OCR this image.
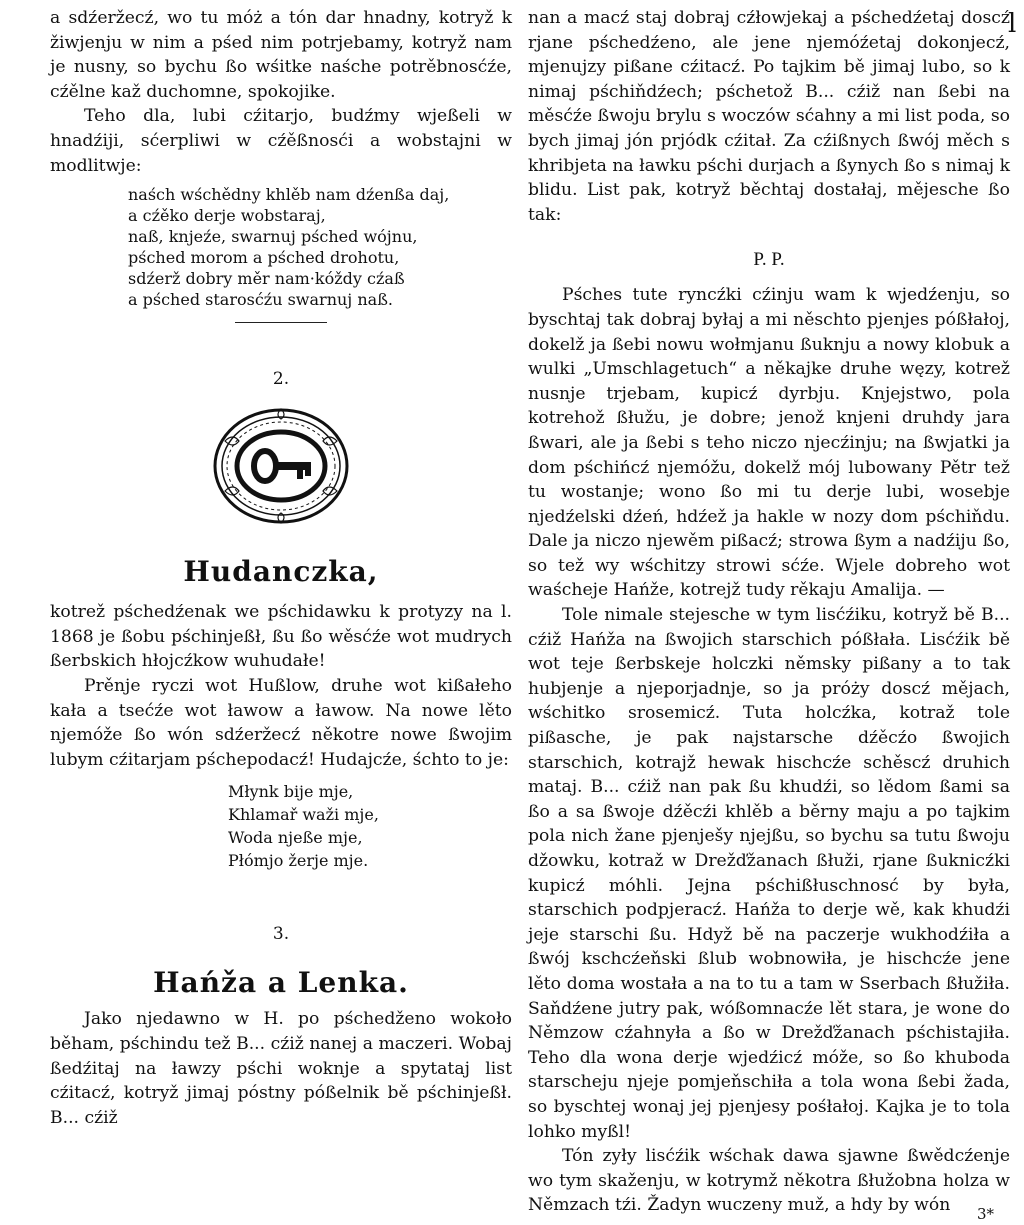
a sdźeržecź, wo tu móż a tón dar hnadny, kotryž k žiwjenju w nim a pśed nim potrjebamy, kotryž nam je nusny, so bychu ßo wśitke naśche potrěbnosćźe, cźělne kaž duchomne, spokojike.

Teho dla, lubi cźitarjo, budźmy wjeßeli w hnadźiji, sćerpliwi w cźěßnosći a wobstajni w modlitwje:

naśch wśchědny khlěb nam dźenßa daj,
a cźěko derje wobstaraj,
naß, knjeźe, swarnuj pśched wójnu,
pśched morom a pśched drohotu,
sdźerž dobry měr nam·kóždy cźaß
a pśched starosćźu swarnuj naß.
2.
Hudanczka,

kotrež pśchedźenak we pśchidawku k protyzy na l. 1868 je ßobu pśchinjeßł, ßu ßo wěsćźe wot mudrych ßerbskich hłojcźkow wuhudałe!

Prěnje ryczi wot Hußlow, druhe wot kißałeho kała a tsećźe wot ławow a ławow. Na nowe lěto njemóže ßo wón sdźeržecź někotre nowe ßwojim lubym cźitarjam pśchepodacź! Hudajcźe, śchto to je:

Młynk bije mje,
Khlamař waži mje,
Woda njeße mje,
Płómjo žerje mje.
3.
Hańža a Lenka.

Jako njedawno w H. po pśchedženo wokoło běham, pśchindu tež B... cźiž nanej a maczeri. Wobaj ßedźitaj na ławzy pśchi woknje a spytataj list cźitacź, kotryž jimaj póstny póßelnik bě pśchinjeßł. B... cźiž

nan a macź staj dobraj cźłowjekaj a pśchedźetaj doscź rjane pśchedźeno, ale jene njemóźetaj dokonjecź, mjenujzy pißane cźitacź. Po tajkim bě jimaj lubo, so k nimaj pśchiňdźech; pśchetož B... cźiž nan ßebi na měsćźe ßwoju brylu s woczów sćahny a mi list poda, so bych jimaj jón prjódk cźitał. Za cźißnych ßwój měch s khribjeta na ławku pśchi durjach a ßynych ßo s nimaj k blidu. List pak, kotryž běchtaj dostałaj, mějesche ßo tak:

P. P.

Pśches tute ryncźki cźinju wam k wjedźenju, so byschtaj tak dobraj byłaj a mi něschto pjenjes póßłałoj, dokelž ja ßebi nowu wołmjanu ßuknju a nowy klobuk a wulki „Umschlagetuch“ a někajke druhe węzy, kotrež nusnje trjebam, kupicź dyrbju. Knjejstwo, pola kotrehož ßłužu, je dobre; jenož knjeni druhdy jara ßwari, ale ja ßebi s teho niczo njecźinju; na ßwjatki ja dom pśchińcź njemóžu, dokelž mój lubowany Pětr tež tu wostanje; wono ßo mi tu derje lubi, wosebje njedźelski dźeń, hdźež ja hakle w nozy dom pśchiňdu. Dale ja niczo njewěm pißacź; strowa ßym a nadźiju ßo, so tež wy wśchitzy strowi sćźe. Wjele dobreho wot waścheje Hańže, kotrejž tudy rěkaju Amalija. —

Tole nimale stejesche w tym lisćźiku, kotryž bě B... cźiž Hańža na ßwojich starschich póßłała. Lisćźik bě wot teje ßerbskeje holczki němsky pißany a to tak hubjenje a njeporjadnje, so ja próży doscź mějach, wśchitko srosemicź. Tuta holcźka, kotraž tole pißasche, je pak najstarsche dźěcźo ßwojich starschich, kotrajž hewak hischcźe schěscź druhich mataj. B... cźiž nan pak ßu khudźi, so lědom ßami sa ßo a sa ßwoje dźěcźi khlěb a běrny maju a po tajkim pola nich žane pjenješy njejßu, so bychu sa tutu ßwoju džowku, kotraž w Drežďžanach ßłuži, rjane ßuknicźki kupicź móhli. Jejna pśchißłuschnosć by była, starschich podpjeracź. Hańža to derje wě, kak khudźi jeje starschi ßu. Hdyž bě na paczerje wukhodźiła a ßwój kschcźeňski ßlub wobnowiła, je hischcźe jene lěto doma wostała a na to tu a tam w Sserbach ßłužiła. Saňdźene jutry pak, wóßomnacźe lět stara, je wone do Němzow cźahnyła a ßo w Drežďžanach pśchistajiła. Teho dla wona derje wjedźicź móže, so ßo khuboda starscheju njeje pomjeňschiła a tola wona ßebi žada, so byschtej wonaj jej pjenjesy pośłałoj. Kajka je to tola lohko myßl!

Tón zyły lisćźik wśchak dawa sjawne ßwědcźenje wo tym skaženju, w kotrymž někotra ßłužobna holza w Němzach tźi. Žadyn wuczeny muž, a hdy by wón

l
3*
